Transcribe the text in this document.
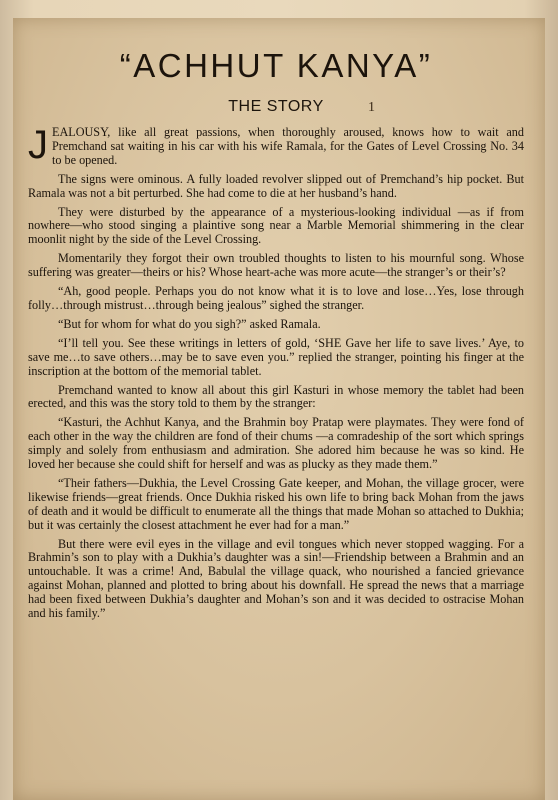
“ACHHUT KANYA”
THE STORY	1

JEALOUSY, like all great passions, when thoroughly aroused, knows how to wait and Premchand sat waiting in his car with his wife Ramala, for the Gates of Level Crossing No. 34 to be opened.

The signs were ominous. A fully loaded revolver slipped out of Premchand’s hip pocket. But Ramala was not a bit perturbed. She had come to die at her husband’s hand.

They were disturbed by the appearance of a mysterious-looking individual —as if from nowhere—who stood singing a plaintive song near a Marble Memorial shimmering in the clear moonlit night by the side of the Level Crossing.

Momentarily they forgot their own troubled thoughts to listen to his mournful song. Whose suffering was greater—theirs or his? Whose heart-ache was more acute—the stranger’s or their’s?

“Ah, good people. Perhaps you do not know what it is to love and lose…Yes, lose through folly…through mistrust…through being jealous” sighed the stranger.

“But for whom for what do you sigh?” asked Ramala.

“I’ll tell you. See these writings in letters of gold, ‘SHE Gave her life to save lives.’ Aye, to save me…to save others…may be to save even you.” replied the stranger, pointing his finger at the inscription at the bottom of the memorial tablet.

Premchand wanted to know all about this girl Kasturi in whose memory the tablet had been erected, and this was the story told to them by the stranger:

“Kasturi, the Achhut Kanya, and the Brahmin boy Pratap were playmates. They were fond of each other in the way the children are fond of their chums —a comradeship of the sort which springs simply and solely from enthusiasm and admiration. She adored him because he was so kind. He loved her because she could shift for herself and was as plucky as they made them.”

“Their fathers—Dukhia, the Level Crossing Gate keeper, and Mohan, the village grocer, were likewise friends—great friends. Once Dukhia risked his own life to bring back Mohan from the jaws of death and it would be difficult to enumerate all the things that made Mohan so attached to Dukhia; but it was certainly the closest attachment he ever had for a man.”

But there were evil eyes in the village and evil tongues which never stopped wagging. For a Brahmin’s son to play with a Dukhia’s daughter was a sin!—Friendship between a Brahmin and an untouchable. It was a crime! And, Babulal the village quack, who nourished a fancied grievance against Mohan, planned and plotted to bring about his downfall. He spread the news that a marriage had been fixed between Dukhia’s daughter and Mohan’s son and it was decided to ostracise Mohan and his family.”
